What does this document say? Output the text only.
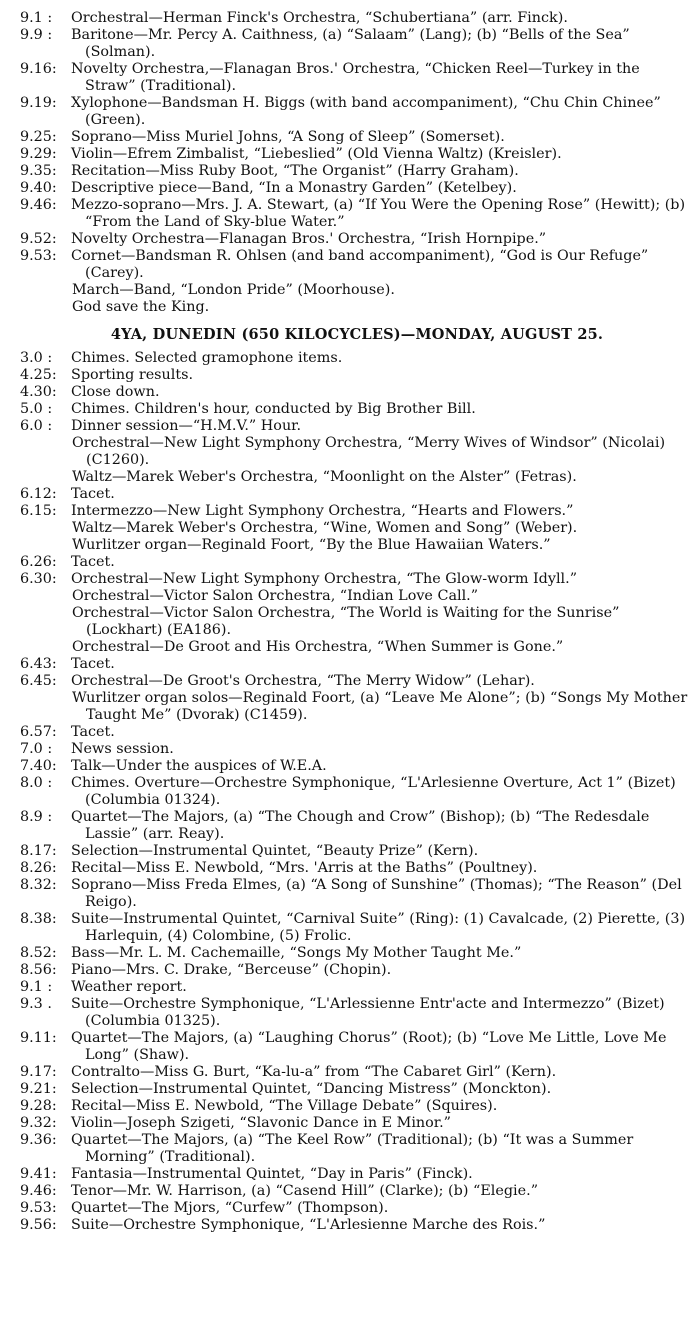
9.1 :	Orchestral—Herman Finck's Orchestra, “Schubertiana” (arr. Finck).
9.9 :	Baritone—Mr. Percy A. Caithness, (a) “Salaam” (Lang); (b) “Bells of the Sea” (Solman).
9.16: Novelty Orchestra,—Flanagan Bros.' Orchestra, “Chicken Reel—Turkey in the Straw” (Traditional).
9.19: Xylophone—Bandsman H. Biggs (with band accompaniment), “Chu Chin Chinee” (Green).
9.25: Soprano—Miss Muriel Johns, “A Song of Sleep” (Somerset).
9.29: Violin—Efrem Zimbalist, “Liebeslied” (Old Vienna Waltz) (Kreisler).
9.35: Recitation—Miss Ruby Boot, “The Organist” (Harry Graham).
9.40: Descriptive piece—Band, “In a Monastry Garden” (Ketelbey).
9.46: Mezzo-soprano—Mrs. J. A. Stewart, (a) “If You Were the Opening Rose” (Hewitt); (b) “From the Land of Sky-blue Water.”
9.52: Novelty Orchestra—Flanagan Bros.' Orchestra, “Irish Hornpipe.”
9.53: Cornet—Bandsman R. Ohlsen (and band accompaniment), “God is Our Refuge” (Carey).

March—Band, “London Pride” (Moorhouse).

God save the King.

4YA, DUNEDIN (650 KILOCYCLES)—MONDAY, AUGUST 25.
3.0 :	Chimes. Selected gramophone items.
4.25: Sporting results.
4.30: Close down.
5.0 :	Chimes. Children's hour, conducted by Big Brother Bill.
6.0 :	Dinner session—“H.M.V.” Hour.

Orchestral—New Light Symphony Orchestra, “Merry Wives of Windsor” (Nicolai) (C1260).

Waltz—Marek Weber's Orchestra, “Moonlight on the Alster” (Fetras).

6.12: Tacet.
6.15: Intermezzo—New Light Symphony Orchestra, “Hearts and Flowers.”

Waltz—Marek Weber's Orchestra, “Wine, Women and Song” (Weber).

Wurlitzer organ—Reginald Foort, “By the Blue Hawaiian Waters.”

6.26: Tacet.
6.30: Orchestral—New Light Symphony Orchestra, “The Glow-worm Idyll.”

Orchestral—Victor Salon Orchestra, “Indian Love Call.”

Orchestral—Victor Salon Orchestra, “The World is Waiting for the Sunrise” (Lockhart) (EA186).

Orchestral—De Groot and His Orchestra, “When Summer is Gone.”

6.43: Tacet.
6.45: Orchestral—De Groot's Orchestra, “The Merry Widow” (Lehar).

Wurlitzer organ solos—Reginald Foort, (a) “Leave Me Alone”; (b) “Songs My Mother Taught Me” (Dvorak) (C1459).

6.57: Tacet.
7.0 :	News session.
7.40: Talk—Under the auspices of W.E.A.
8.0 :	Chimes. Overture—Orchestre Symphonique, “L'Arlesienne Overture, Act 1” (Bizet) (Columbia 01324).
8.9 :	Quartet—The Majors, (a) “The Chough and Crow” (Bishop); (b) “The Redesdale Lassie” (arr. Reay).
8.17: Selection—Instrumental Quintet, “Beauty Prize” (Kern).
8.26: Recital—Miss E. Newbold, “Mrs. 'Arris at the Baths” (Poultney).
8.32: Soprano—Miss Freda Elmes, (a) “A Song of Sunshine” (Thomas); “The Reason” (Del Reigo).
8.38: Suite—Instrumental Quintet, “Carnival Suite” (Ring): (1) Cavalcade, (2) Pierette, (3) Harlequin, (4) Colombine, (5) Frolic.
8.52: Bass—Mr. L. M. Cachemaille, “Songs My Mother Taught Me.”
8.56: Piano—Mrs. C. Drake, “Berceuse” (Chopin).
9.1 :	Weather report.
9.3 .	Suite—Orchestre Symphonique, “L'Arlessienne Entr'acte and Intermezzo” (Bizet) (Columbia 01325).
9.11: Quartet—The Majors, (a) “Laughing Chorus” (Root); (b) “Love Me Little, Love Me Long” (Shaw).
9.17: Contralto—Miss G. Burt, “Ka-lu-a” from “The Cabaret Girl” (Kern).
9.21: Selection—Instrumental Quintet, “Dancing Mistress” (Monckton).
9.28: Recital—Miss E. Newbold, “The Village Debate” (Squires).
9.32: Violin—Joseph Szigeti, “Slavonic Dance in E Minor.”
9.36: Quartet—The Majors, (a) “The Keel Row” (Traditional); (b) “It was a Summer Morning” (Traditional).
9.41: Fantasia—Instrumental Quintet, “Day in Paris” (Finck).
9.46: Tenor—Mr. W. Harrison, (a) “Casend Hill” (Clarke); (b) “Elegie.”
9.53: Quartet—The Mjors, “Curfew” (Thompson).
9.56: Suite—Orchestre Symphonique, “L'Arlesienne Marche des Rois.”
